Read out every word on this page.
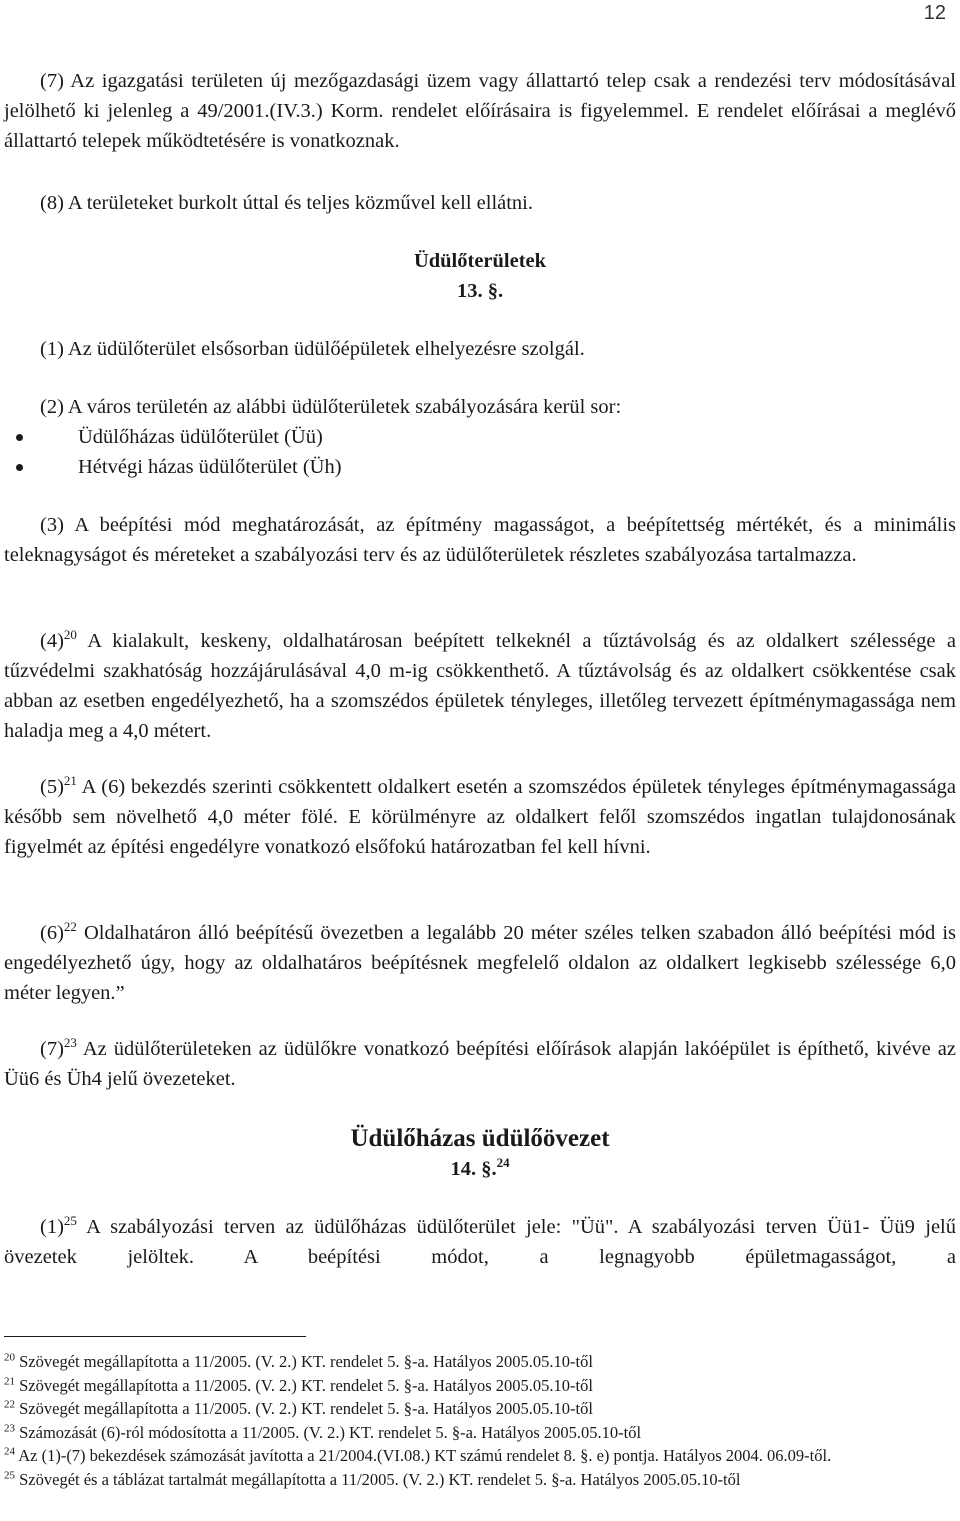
12

(7) Az igazgatási területen új mezőgazdasági üzem vagy állattartó telep csak a rendezési terv módosításával jelölhető ki jelenleg a 49/2001.(IV.3.) Korm. rendelet előírásaira is figyelemmel. E rendelet előírásai a meglévő állattartó telepek működtetésére is vonatkoznak.

(8) A területeket burkolt úttal és teljes közművel kell ellátni.

Üdülőterületek
13. §.

(1) Az üdülőterület elsősorban üdülőépületek elhelyezésre szolgál.

(2) A város területén az alábbi üdülőterületek szabályozására kerül sor:

Üdülőházas üdülőterület (Üü)
Hétvégi házas üdülőterület (Üh)

(3) A beépítési mód meghatározását, az építmény magasságot, a beépítettség mértékét, és a minimális teleknagyságot és méreteket a szabályozási terv és az üdülőterületek részletes szabályozása tartalmazza.

$(4)^{20}$ A kialakult, keskeny, oldalhatárosan beépített telkeknél a tűztávolság és az oldalkert szélessége a tűzvédelmi szakhatóság hozzájárulásával 4,0 m-ig csökkenthető. A tűztávolság és az oldalkert csökkentése csak abban az esetben engedélyezhető, ha a szomszédos épületek tényleges, illetőleg tervezett építménymagassága nem haladja meg a 4,0 métert.

$(5)^{21}$ A (6) bekezdés szerinti csökkentett oldalkert esetén a szomszédos épületek tényleges építménymagassága később sem növelhető 4,0 méter fölé. E körülményre az oldalkert felől szomszédos ingatlan tulajdonosának figyelmét az építési engedélyre vonatkozó elsőfokú határozatban fel kell hívni.

$(6)^{22}$ Oldalhatáron álló beépítésű övezetben a legalább 20 méter széles telken szabadon álló beépítési mód is engedélyezhető úgy, hogy az oldalhatáros beépítésnek megfelelő oldalon az oldalkert legkisebb szélessége 6,0 méter legyen.”

$(7)^{23}$ Az üdülőterületeken az üdülőkre vonatkozó beépítési előírások alapján lakóépület is építhető, kivéve az Üü6 és Üh4 jelű övezeteket.

Üdülőházas üdülőövezet
14. §.$^{24}$

$(1)^{25}$ A szabályozási terven az üdülőházas üdülőterület jele: "Üü". A szabályozási terven Üü1- Üü9 jelű övezetek jelöltek. A beépítési módot, a legnagyobb épületmagasságot, a

$^{20}$ Szövegét megállapította a 11/2005. (V. 2.) KT. rendelet 5. §-a. Hatályos 2005.05.10-től

$^{21}$ Szövegét megállapította a 11/2005. (V. 2.) KT. rendelet 5. §-a. Hatályos 2005.05.10-től

$^{22}$ Szövegét megállapította a 11/2005. (V. 2.) KT. rendelet 5. §-a. Hatályos 2005.05.10-től

$^{23}$ Számozását (6)-ról módosította a 11/2005. (V. 2.) KT. rendelet 5. §-a. Hatályos 2005.05.10-től

$^{24}$ Az (1)-(7) bekezdések számozását javította a 21/2004.(VI.08.) KT számú rendelet 8. §. e) pontja. Hatályos 2004. 06.09-től.

$^{25}$ Szövegét és a táblázat tartalmát megállapította a 11/2005. (V. 2.) KT. rendelet 5. §-a. Hatályos 2005.05.10-től
